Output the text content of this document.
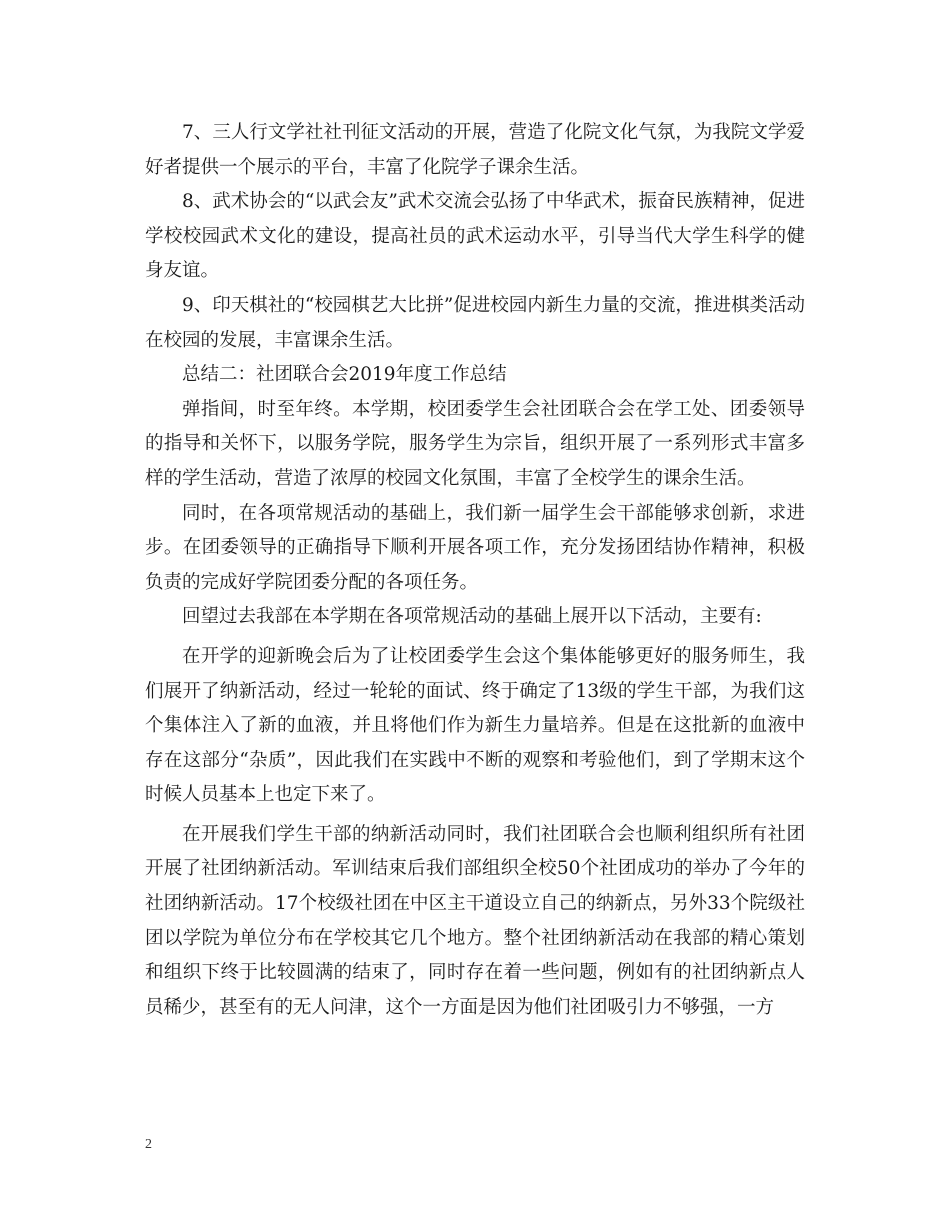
7、三人行文学社社刊征文活动的开展，营造了化院文化气氛，为我院文学爱好者提供一个展示的平台，丰富了化院学子课余生活。

8、武术协会的“以武会友”武术交流会弘扬了中华武术，振奋民族精神，促进学校校园武术文化的建设，提高社员的武术运动水平，引导当代大学生科学的健身友谊。

9、印天棋社的“校园棋艺大比拼”促进校园内新生力量的交流，推进棋类活动在校园的发展，丰富课余生活。

总结二：社团联合会2019年度工作总结

弹指间，时至年终。本学期，校团委学生会社团联合会在学工处、团委领导的指导和关怀下，以服务学院，服务学生为宗旨，组织开展了一系列形式丰富多样的学生活动，营造了浓厚的校园文化氛围，丰富了全校学生的课余生活。

同时，在各项常规活动的基础上，我们新一届学生会干部能够求创新，求进步。在团委领导的正确指导下顺利开展各项工作，充分发扬团结协作精神，积极负责的完成好学院团委分配的各项任务。

回望过去我部在本学期在各项常规活动的基础上展开以下活动，主要有:

在开学的迎新晚会后为了让校团委学生会这个集体能够更好的服务师生，我们展开了纳新活动，经过一轮轮的面试、终于确定了13级的学生干部，为我们这个集体注入了新的血液，并且将他们作为新生力量培养。但是在这批新的血液中存在这部分“杂质”，因此我们在实践中不断的观察和考验他们，到了学期末这个时候人员基本上也定下来了。

在开展我们学生干部的纳新活动同时，我们社团联合会也顺利组织所有社团开展了社团纳新活动。军训结束后我们部组织全校50个社团成功的举办了今年的社团纳新活动。17个校级社团在中区主干道设立自己的纳新点，另外33个院级社团以学院为单位分布在学校其它几个地方。整个社团纳新活动在我部的精心策划和组织下终于比较圆满的结束了，同时存在着一些问题，例如有的社团纳新点人员稀少，甚至有的无人问津，这个一方面是因为他们社团吸引力不够强，一方

2
